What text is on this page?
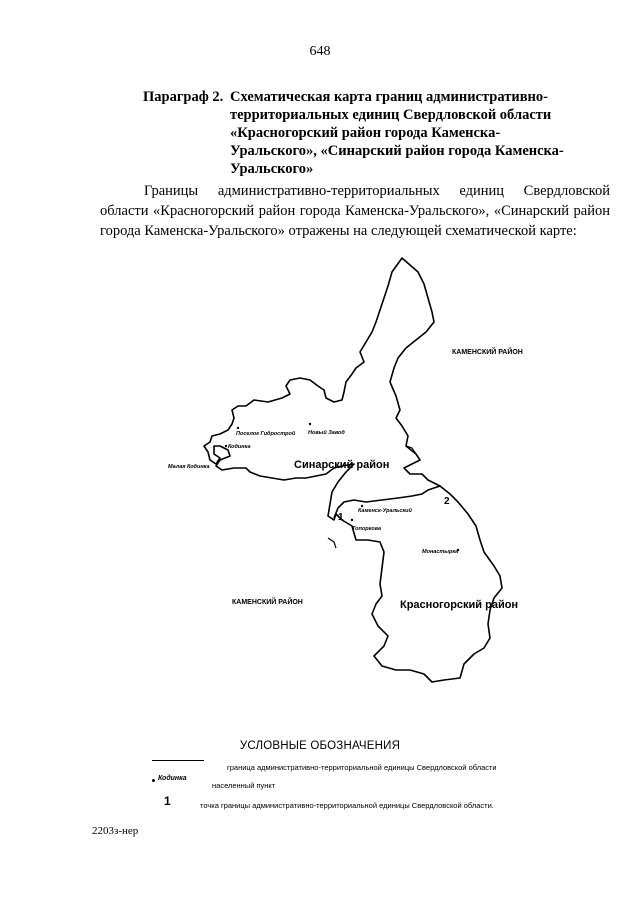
648
Параграф 2. Схематическая карта границ административно-территориальных единиц Свердловской области «Красногорский район города Каменска-Уральского», «Синарский район города Каменска-Уральского»
Границы административно-территориальных единиц Свердловской области «Красногорский район города Каменска-Уральского», «Синарский район города Каменска-Уральского» отражены на следующей схематической карте:
Синарский район
Красногорский район
КАМЕНСКИЙ РАЙОН
КАМЕНСКИЙ РАЙОН
Поселок Гидрострой Новый Завод
Кодинка
Малая Кодинка
Каменск-Уральский
Топоркова
Монастырка
1
2
УСЛОВНЫЕ ОБОЗНАЧЕНИЯ
граница административно-территориальной единицы Свердловской области
Кодинка
населенный пункт
1	точка границы административно-территориальной единицы Свердловской области.
2203з-нер
